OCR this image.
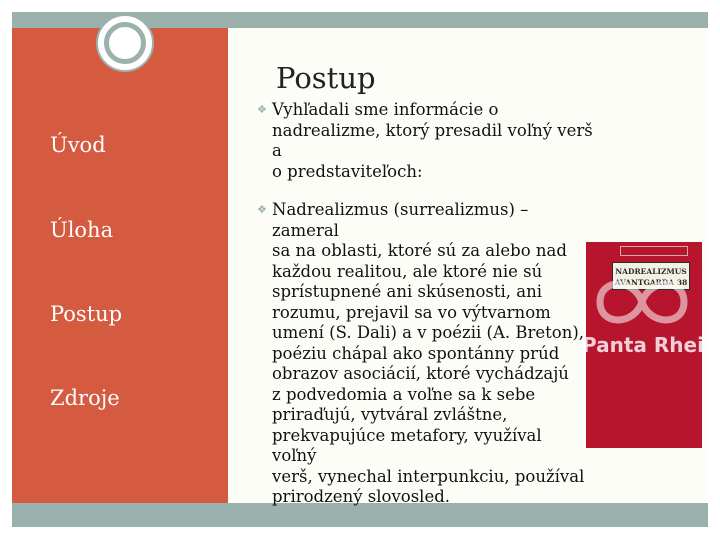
Úvod
Úloha
Postup
Zdroje
Postup
❖ Vyhľadali sme informácie o
nadrealizme, ktorý presadil voľný verš a
o predstaviteľoch:
NADREALIZMUS
AVANTGARDA 38
Panta Rhei
❖ Nadrealizmus (surrealizmus) – zameral
sa na oblasti, ktoré sú za alebo nad
každou realitou, ale ktoré nie sú
sprístupnené ani skúsenosti, ani
rozumu, prejavil sa vo výtvarnom
umení (S. Dali) a v poézii (A. Breton),
poéziu chápal ako spontánny prúd
obrazov asociácií, ktoré vychádzajú
z podvedomia a voľne sa k sebe
priraďujú, vytváral zvláštne,
prekvapujúce metafory, využíval voľný
verš, vynechal interpunkciu, používal
prirodzený slovosled.
